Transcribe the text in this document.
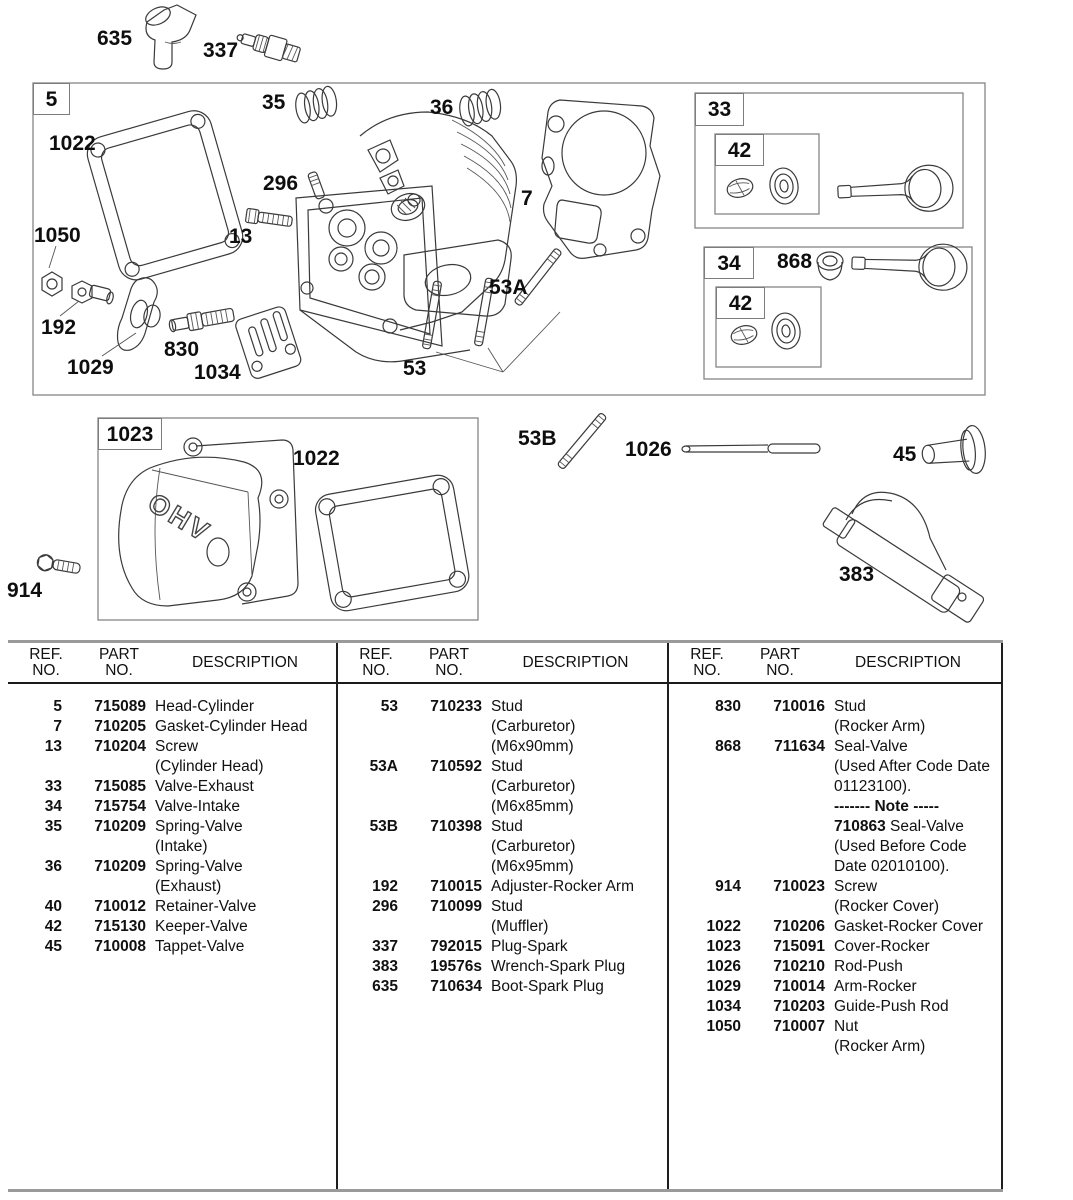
OHV
635
337
5
1022
35	36
296
13
7
1050
192
830
1029	1034	53
53A
33
42
34	868
42
1023
1022
914
53B	1026	45
383
REF.
NO.
PART
NO.	DESCRIPTION
5	715089 Head-Cylinder
7	710205 Gasket-Cylinder Head
13	710204 Screw
(Cylinder Head)
33	715085 Valve-Exhaust
34	715754 Valve-Intake
35	710209 Spring-Valve
(Intake)
36	710209 Spring-Valve
(Exhaust)
40	710012 Retainer-Valve
42	715130 Keeper-Valve
45	710008 Tappet-Valve
REF.
NO.
PART
NO.	DESCRIPTION
53	710233 Stud
(Carburetor)
(M6x90mm)
53A	710592 Stud
(Carburetor)
(M6x85mm)
53B	710398 Stud
(Carburetor)
(M6x95mm)
192	710015 Adjuster-Rocker Arm
296	710099 Stud
(Muffler)
337	792015 Plug-Spark
383	19576s Wrench-Spark Plug
635	710634 Boot-Spark Plug
REF.
NO.
PART
NO.	DESCRIPTION
830	710016 Stud
(Rocker Arm)
868	711634 Seal-Valve
(Used After Code Date
01123100).
------- Note -----
710863 Seal-Valve
(Used Before Code
Date 02010100).
914	710023 Screw
(Rocker Cover)
1022	710206 Gasket-Rocker Cover
1023	715091 Cover-Rocker
1026	710210 Rod-Push
1029	710014 Arm-Rocker
1034	710203 Guide-Push Rod
1050	710007 Nut
(Rocker Arm)
